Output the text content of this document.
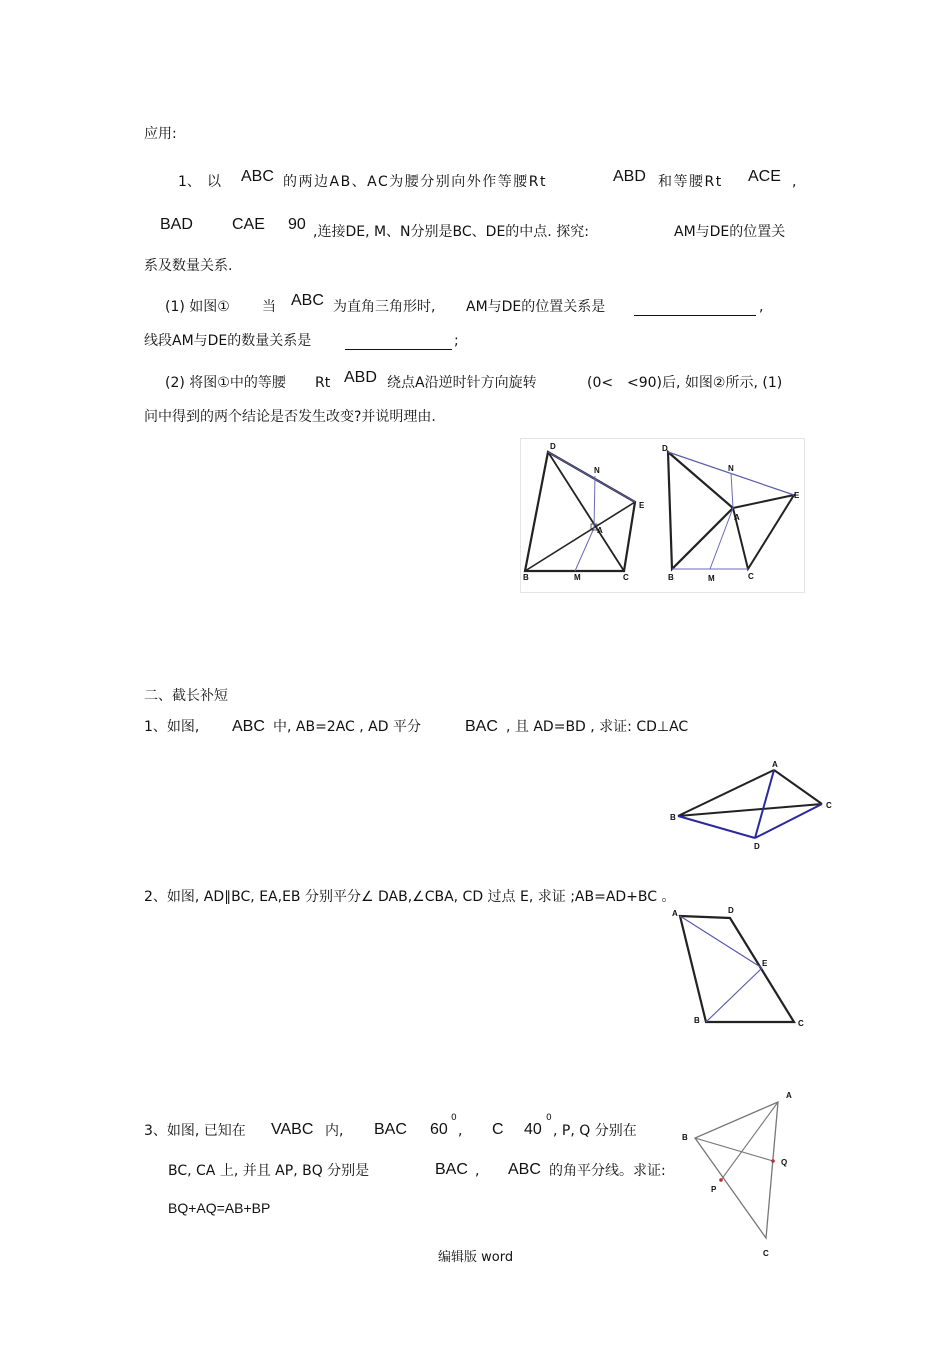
应用:
1、 以 ABC 的两边AB、AC为腰分别向外作等腰Rt	ABD 和等腰Rt ACE ,
BAD CAE 90 ,连接DE, M、N分别是BC、DE的中点. 探究:	AM与DE的位置关
系及数量关系.
(1) 如图① 当 ABC 为直角三角形时, AM与DE的位置关系是	,
线段AM与DE的数量关系是	;
(2) 将图①中的等腰 Rt ABD 绕点A沿逆时针方向旋转	(0< <90)后, 如图②所示, (1)
问中得到的两个结论是否发生改变?并说明理由.
D
N
E
A
B	M	C
D
N
E
A
B	M	C
二、截长补短
1、如图, ABC 中, AB=2AC , AD 平分	BAC , 且 AD=BD , 求证: CD⊥AC
A
C
B
D
2、如图, AD∥BC, EA,EB 分别平分∠ DAB,∠CBA, CD 过点 E, 求证 ;AB=AD+BC 。
A	D
E
B	C
3、如图, 已知在 VABC 内, BAC 60
0
, C 40
0
, P, Q 分别在
BC, CA 上, 并且 AP, BQ 分别是	BAC , ABC 的角平分线。求证:
BQ+AQ=AB+BP
A
B
Q
P
C
编辑版 word
